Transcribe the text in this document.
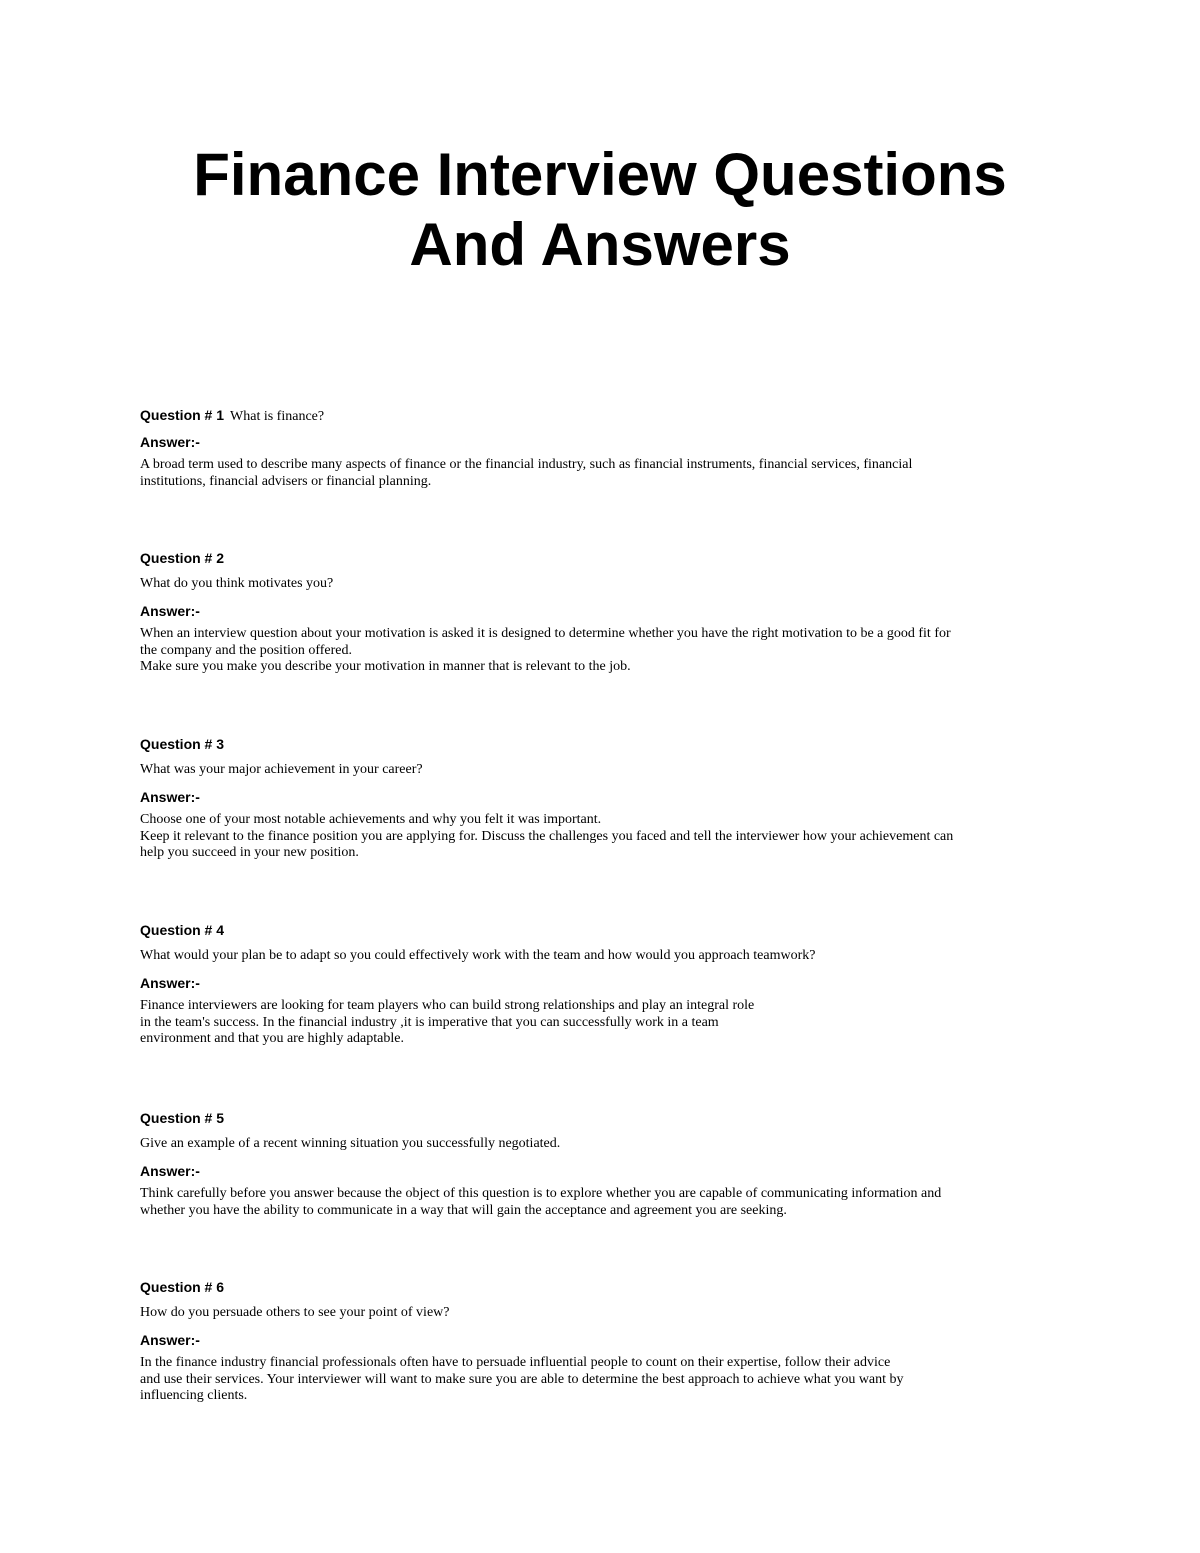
Finance Interview Questions
And Answers
Question # 1 What is finance?
Answer:-
A broad term used to describe many aspects of finance or the financial industry, such as financial instruments, financial services, financial
institutions, financial advisers or financial planning.
Question # 2
What do you think motivates you?
Answer:-
When an interview question about your motivation is asked it is designed to determine whether you have the right motivation to be a good fit for
the company and the position offered.
Make sure you make you describe your motivation in manner that is relevant to the job.
Question # 3
What was your major achievement in your career?
Answer:-
Choose one of your most notable achievements and why you felt it was important.
Keep it relevant to the finance position you are applying for. Discuss the challenges you faced and tell the interviewer how your achievement can
help you succeed in your new position.
Question # 4
What would your plan be to adapt so you could effectively work with the team and how would you approach teamwork?
Answer:-
Finance interviewers are looking for team players who can build strong relationships and play an integral role
in the team's success. In the financial industry ,it is imperative that you can successfully work in a team
environment and that you are highly adaptable.
Question # 5
Give an example of a recent winning situation you successfully negotiated.
Answer:-
Think carefully before you answer because the object of this question is to explore whether you are capable of communicating information and
whether you have the ability to communicate in a way that will gain the acceptance and agreement you are seeking.
Question # 6
How do you persuade others to see your point of view?
Answer:-
In the finance industry financial professionals often have to persuade influential people to count on their expertise, follow their advice
and use their services. Your interviewer will want to make sure you are able to determine the best approach to achieve what you want by
influencing clients.
